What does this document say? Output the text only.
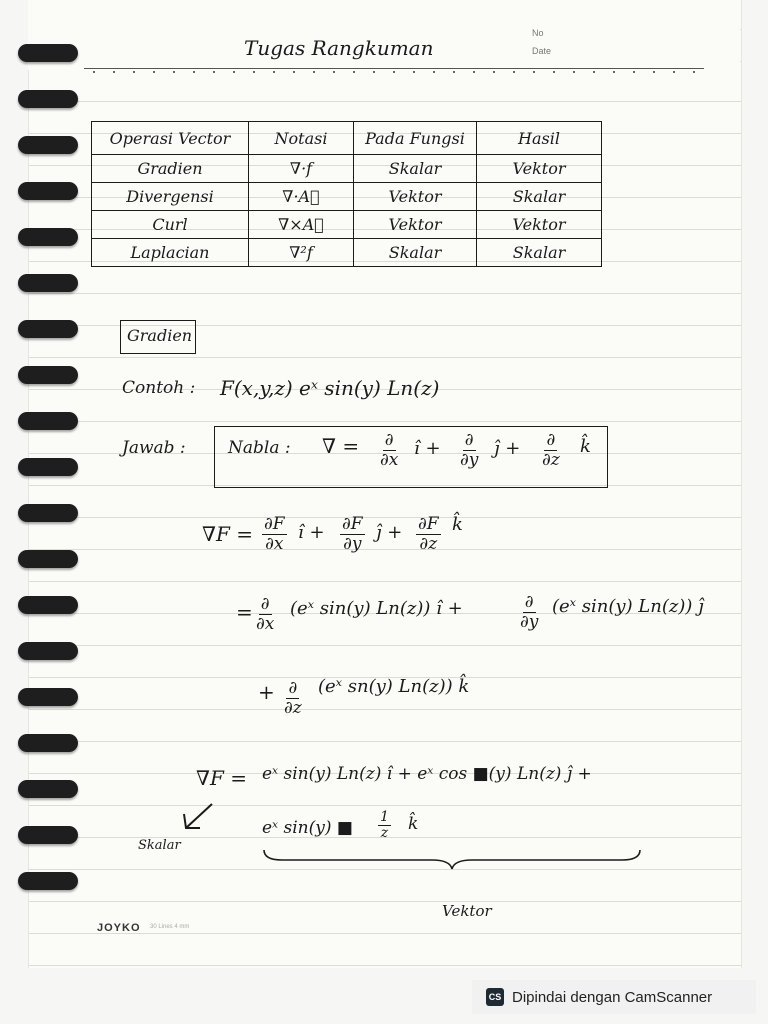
Tugas Rangkuman
No
Date
Operasi Vector	Notasi	Pada Fungsi	Hasil
Gradien	∇·f	Skalar	Vektor
Divergensi	∇·A⃗	Vektor	Skalar
Curl	∇×A⃗	Vektor	Vektor
Laplacian	∇²f	Skalar	Skalar
Gradien
Contoh : F(x,y,z) eˣ sin(y) Ln(z)
Jawab : Nabla : ∇ = ∂
∂x
î + ∂
∂y
ĵ + ∂
∂z
k̂
$\nabla F = \frac{\partial F}{\partial x}$ î + $\frac{\partial F}{\partial y}$ ĵ + $\frac{\partial F}{\partial z}$ k̂
= ∂
∂x
(eˣ sin(y) Ln(z)) î +	∂
∂y
(eˣ sin(y) Ln(z)) ĵ
+ ∂
∂z
(eˣ sn(y) Ln(z)) k̂
∇F = eˣ sin(y) Ln(z) î + eˣ cos ■(y) Ln(z) ĵ +
eˣ sin(y) ■ $\frac{1}{z}$ k̂
Skalar
Vektor
JOYKO 30 Lines 4 mm
CS Dipindai dengan CamScanner
